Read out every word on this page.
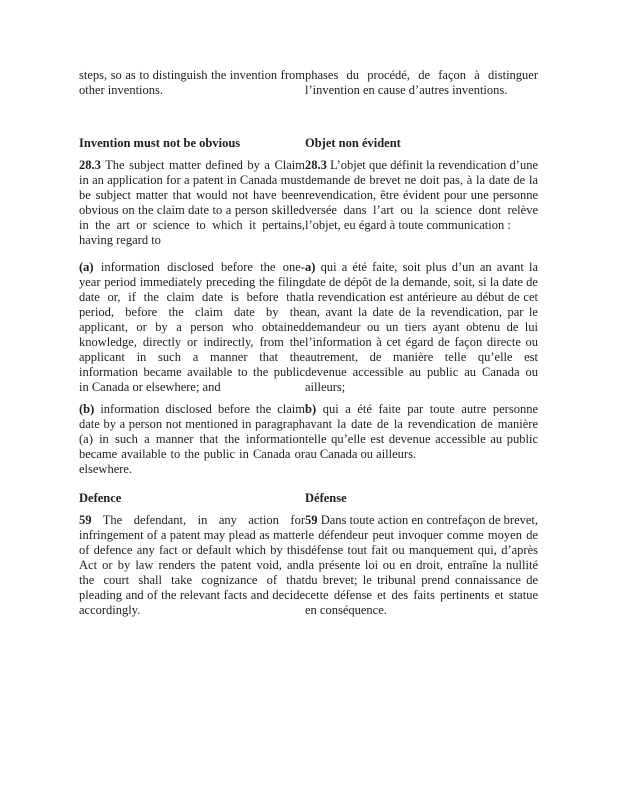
steps, so as to distinguish the invention from other inventions.

phases du procédé, de façon à distinguer l’invention en cause d’autres inventions.

Invention must not be obvious	Objet non évident

28.3 The subject matter defined by a Claim in an application for a patent in Canada must be subject matter that would not have been obvious on the claim date to a person skilled in the art or science to which it pertains, having regard to

28.3 L’objet que définit la revendication d’une demande de brevet ne doit pas, à la date de la revendication, être évident pour une personne versée dans l’art ou la science dont relève l’objet, eu égard à toute communication :

(a) information disclosed before the one-year period immediately preceding the filing date or, if the claim date is before that period, before the claim date by the applicant, or by a person who obtained knowledge, directly or indirectly, from the applicant in such a manner that the information became available to the public in Canada or elsewhere; and

a) qui a été faite, soit plus d’un an avant la date de dépôt de la demande, soit, si la date de la revendication est antérieure au début de cet an, avant la date de la revendication, par le demandeur ou un tiers ayant obtenu de lui l’information à cet égard de façon directe ou autrement, de manière telle qu’elle est devenue accessible au public au Canada ou ailleurs;

(b) information disclosed before the claim date by a person not mentioned in paragraph (a) in such a manner that the information became available to the public in Canada or elsewhere.

b) qui a été faite par toute autre personne avant la date de la revendication de manière telle qu’elle est devenue accessible au public au Canada ou ailleurs.

Defence	Défense

59 The defendant, in any action for infringement of a patent may plead as matter of defence any fact or default which by this Act or by law renders the patent void, and the court shall take cognizance of that pleading and of the relevant facts and decide accordingly.

59 Dans toute action en contrefaçon de brevet, le défendeur peut invoquer comme moyen de défense tout fait ou manquement qui, d’après la présente loi ou en droit, entraîne la nullité du brevet; le tribunal prend connaissance de cette défense et des faits pertinents et statue en conséquence.
